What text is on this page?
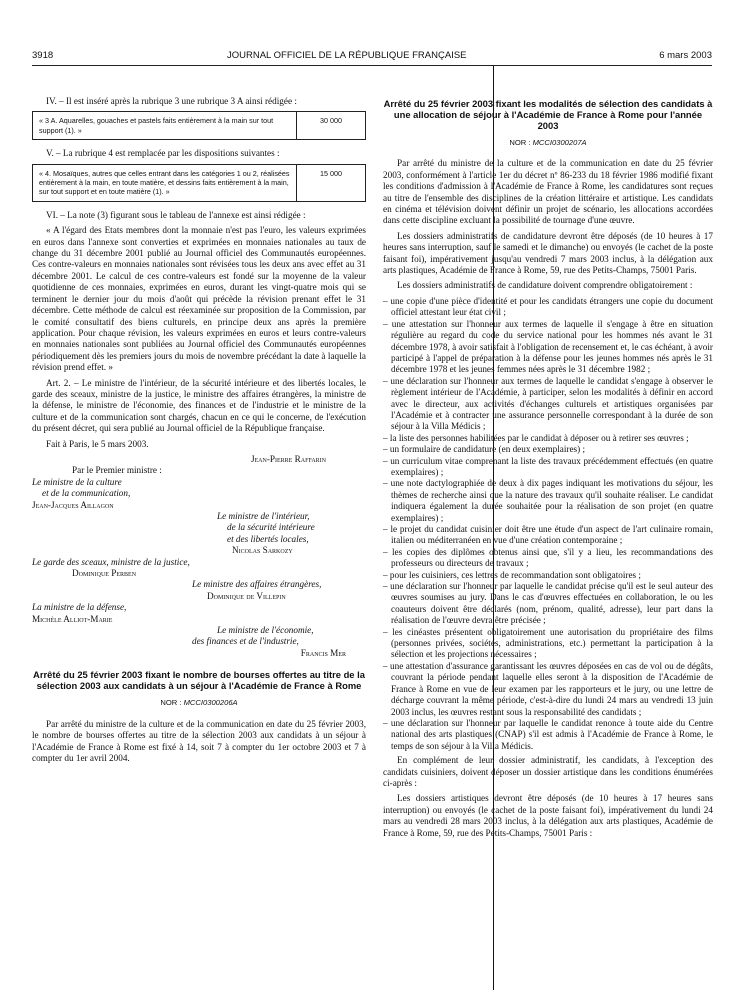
3918	JOURNAL OFFICIEL DE LA RÉPUBLIQUE FRANÇAISE	6 mars 2003

IV. – Il est inséré après la rubrique 3 une rubrique 3 A ainsi rédigée :

« 3 A. Aquarelles, gouaches et pastels faits entièrement à la main sur tout support (1). »
30 000

V. – La rubrique 4 est remplacée par les dispositions suivantes :

« 4. Mosaïques, autres que celles entrant dans les catégories 1 ou 2, réalisées entièrement à la main, en toute matière, et dessins faits entièrement à la main, sur tout support et en toute matière (1). »
15 000

VI. – La note (3) figurant sous le tableau de l'annexe est ainsi rédigée :

« A l'égard des Etats membres dont la monnaie n'est pas l'euro, les valeurs exprimées en euros dans l'annexe sont converties et exprimées en monnaies nationales au taux de change du 31 décembre 2001 publié au Journal officiel des Communautés européennes. Ces contre-valeurs en monnaies nationales sont révisées tous les deux ans avec effet au 31 décembre 2001. Le calcul de ces contre-valeurs est fondé sur la moyenne de la valeur quotidienne de ces monnaies, exprimées en euros, durant les vingt-quatre mois qui se terminent le dernier jour du mois d'août qui précède la révision prenant effet le 31 décembre. Cette méthode de calcul est réexaminée sur proposition de la Commission, par le comité consultatif des biens culturels, en principe deux ans après la première application. Pour chaque révision, les valeurs exprimées en euros et leurs contre-valeurs en monnaies nationales sont publiées au Journal officiel des Communautés européennes périodiquement dès les premiers jours du mois de novembre précédant la date à laquelle la révision prend effet. »

Art. 2. – Le ministre de l'intérieur, de la sécurité intérieure et des libertés locales, le garde des sceaux, ministre de la justice, le ministre des affaires étrangères, la ministre de la défense, le ministre de l'économie, des finances et de l'industrie et le ministre de la culture et de la communication sont chargés, chacun en ce qui le concerne, de l'exécution du présent décret, qui sera publié au Journal officiel de la République française.

Fait à Paris, le 5 mars 2003.

Jean-Pierre Raffarin

Par le Premier ministre :

Le ministre de la culture

et de la communication,

Jean-Jacques Aillagon

Le ministre de l'intérieur,

de la sécurité intérieure

et des libertés locales,

Nicolas Sarkozy

Le garde des sceaux, ministre de la justice,

Dominique Perben

Le ministre des affaires étrangères,

Dominique de Villepin

La ministre de la défense,

Michèle Alliot-Marie

Le ministre de l'économie,

des finances et de l'industrie,

Francis Mer

Arrêté du 25 février 2003 fixant le nombre de bourses offertes au titre de la sélection 2003 aux candidats à un séjour à l'Académie de France à Rome

NOR : MCCI0300206A

Par arrêté du ministre de la culture et de la communication en date du 25 février 2003, le nombre de bourses offertes au titre de la sélection 2003 aux candidats à un séjour à l'Académie de France à Rome est fixé à 14, soit 7 à compter du 1er octobre 2003 et 7 à compter du 1er avril 2004.

Arrêté du 25 février 2003 fixant les modalités de sélection des candidats à une allocation de séjour à l'Académie de France à Rome pour l'année 2003

NOR : MCCI0300207A

Par arrêté du ministre de la culture et de la communication en date du 25 février 2003, conformément à l'article 1er du décret nº 86-233 du 18 février 1986 modifié fixant les conditions d'admission à l'Académie de France à Rome, les candidatures sont reçues au titre de l'ensemble des disciplines de la création littéraire et artistique. Les candidats en cinéma et télévision doivent définir un projet de scénario, les allocations accordées dans cette discipline excluant la possibilité de tournage d'une œuvre.

Les dossiers administratifs de candidature devront être déposés (de 10 heures à 17 heures sans interruption, sauf le samedi et le dimanche) ou envoyés (le cachet de la poste faisant foi), impérativement jusqu'au vendredi 7 mars 2003 inclus, à la délégation aux arts plastiques, Académie de France à Rome, 59, rue des Petits-Champs, 75001 Paris.

Les dossiers administratifs de candidature doivent comprendre obligatoirement :

– une copie d'une pièce d'identité et pour les candidats étrangers une copie du document officiel attestant leur état civil ;
– une attestation sur l'honneur aux termes de laquelle il s'engage à être en situation régulière au regard du code du service national pour les hommes nés avant le 31 décembre 1978, à avoir satisfait à l'obligation de recensement et, le cas échéant, à avoir participé à l'appel de préparation à la défense pour les jeunes hommes nés après le 31 décembre 1978 et les jeunes femmes nées après le 31 décembre 1982 ;
– une déclaration sur l'honneur aux termes de laquelle le candidat s'engage à observer le règlement intérieur de l'Académie, à participer, selon les modalités à définir en accord avec le directeur, aux activités d'échanges culturels et artistiques organisées par l'Académie et à contracter une assurance personnelle correspondant à la durée de son séjour à la Villa Médicis ;
– la liste des personnes habilitées par le candidat à déposer ou à retirer ses œuvres ;
– un formulaire de candidature (en deux exemplaires) ;
– un curriculum vitae comprenant la liste des travaux précédemment effectués (en quatre exemplaires) ;
– une note dactylographiée de deux à dix pages indiquant les motivations du séjour, les thèmes de recherche ainsi que la nature des travaux qu'il souhaite réaliser. Le candidat indiquera également la durée souhaitée pour la réalisation de son projet (en quatre exemplaires) ;
– le projet du candidat cuisinier doit être une étude d'un aspect de l'art culinaire romain, italien ou méditerranéen en vue d'une création contemporaine ;
– les copies des diplômes obtenus ainsi que, s'il y a lieu, les recommandations des professeurs ou directeurs de travaux ;
– pour les cuisiniers, ces lettres de recommandation sont obligatoires ;
– une déclaration sur l'honneur par laquelle le candidat précise qu'il est le seul auteur des œuvres soumises au jury. Dans le cas d'œuvres effectuées en collaboration, le ou les coauteurs doivent être déclarés (nom, prénom, qualité, adresse), leur part dans la réalisation de l'œuvre devra être précisée ;
– les cinéastes présentent obligatoirement une autorisation du propriétaire des films (personnes privées, sociétés, administrations, etc.) permettant la participation à la sélection et les projections nécessaires ;
– une attestation d'assurance garantissant les œuvres déposées en cas de vol ou de dégâts, couvrant la période pendant laquelle elles seront à la disposition de l'Académie de France à Rome en vue de leur examen par les rapporteurs et le jury, ou une lettre de décharge couvrant la même période, c'est-à-dire du lundi 24 mars au vendredi 13 juin 2003 inclus, les œuvres restant sous la responsabilité des candidats ;
– une déclaration sur l'honneur par laquelle le candidat renonce à toute aide du Centre national des arts plastiques (CNAP) s'il est admis à l'Académie de France à Rome, le temps de son séjour à la Villa Médicis.

En complément de leur dossier administratif, les candidats, à l'exception des candidats cuisiniers, doivent déposer un dossier artistique dans les conditions énumérées ci-après :

Les dossiers artistiques devront être déposés (de 10 heures à 17 heures sans interruption) ou envoyés (le cachet de la poste faisant foi), impérativement du lundi 24 mars au vendredi 28 mars 2003 inclus, à la délégation aux arts plastiques, Académie de France à Rome, 59, rue des Petits-Champs, 75001 Paris :
